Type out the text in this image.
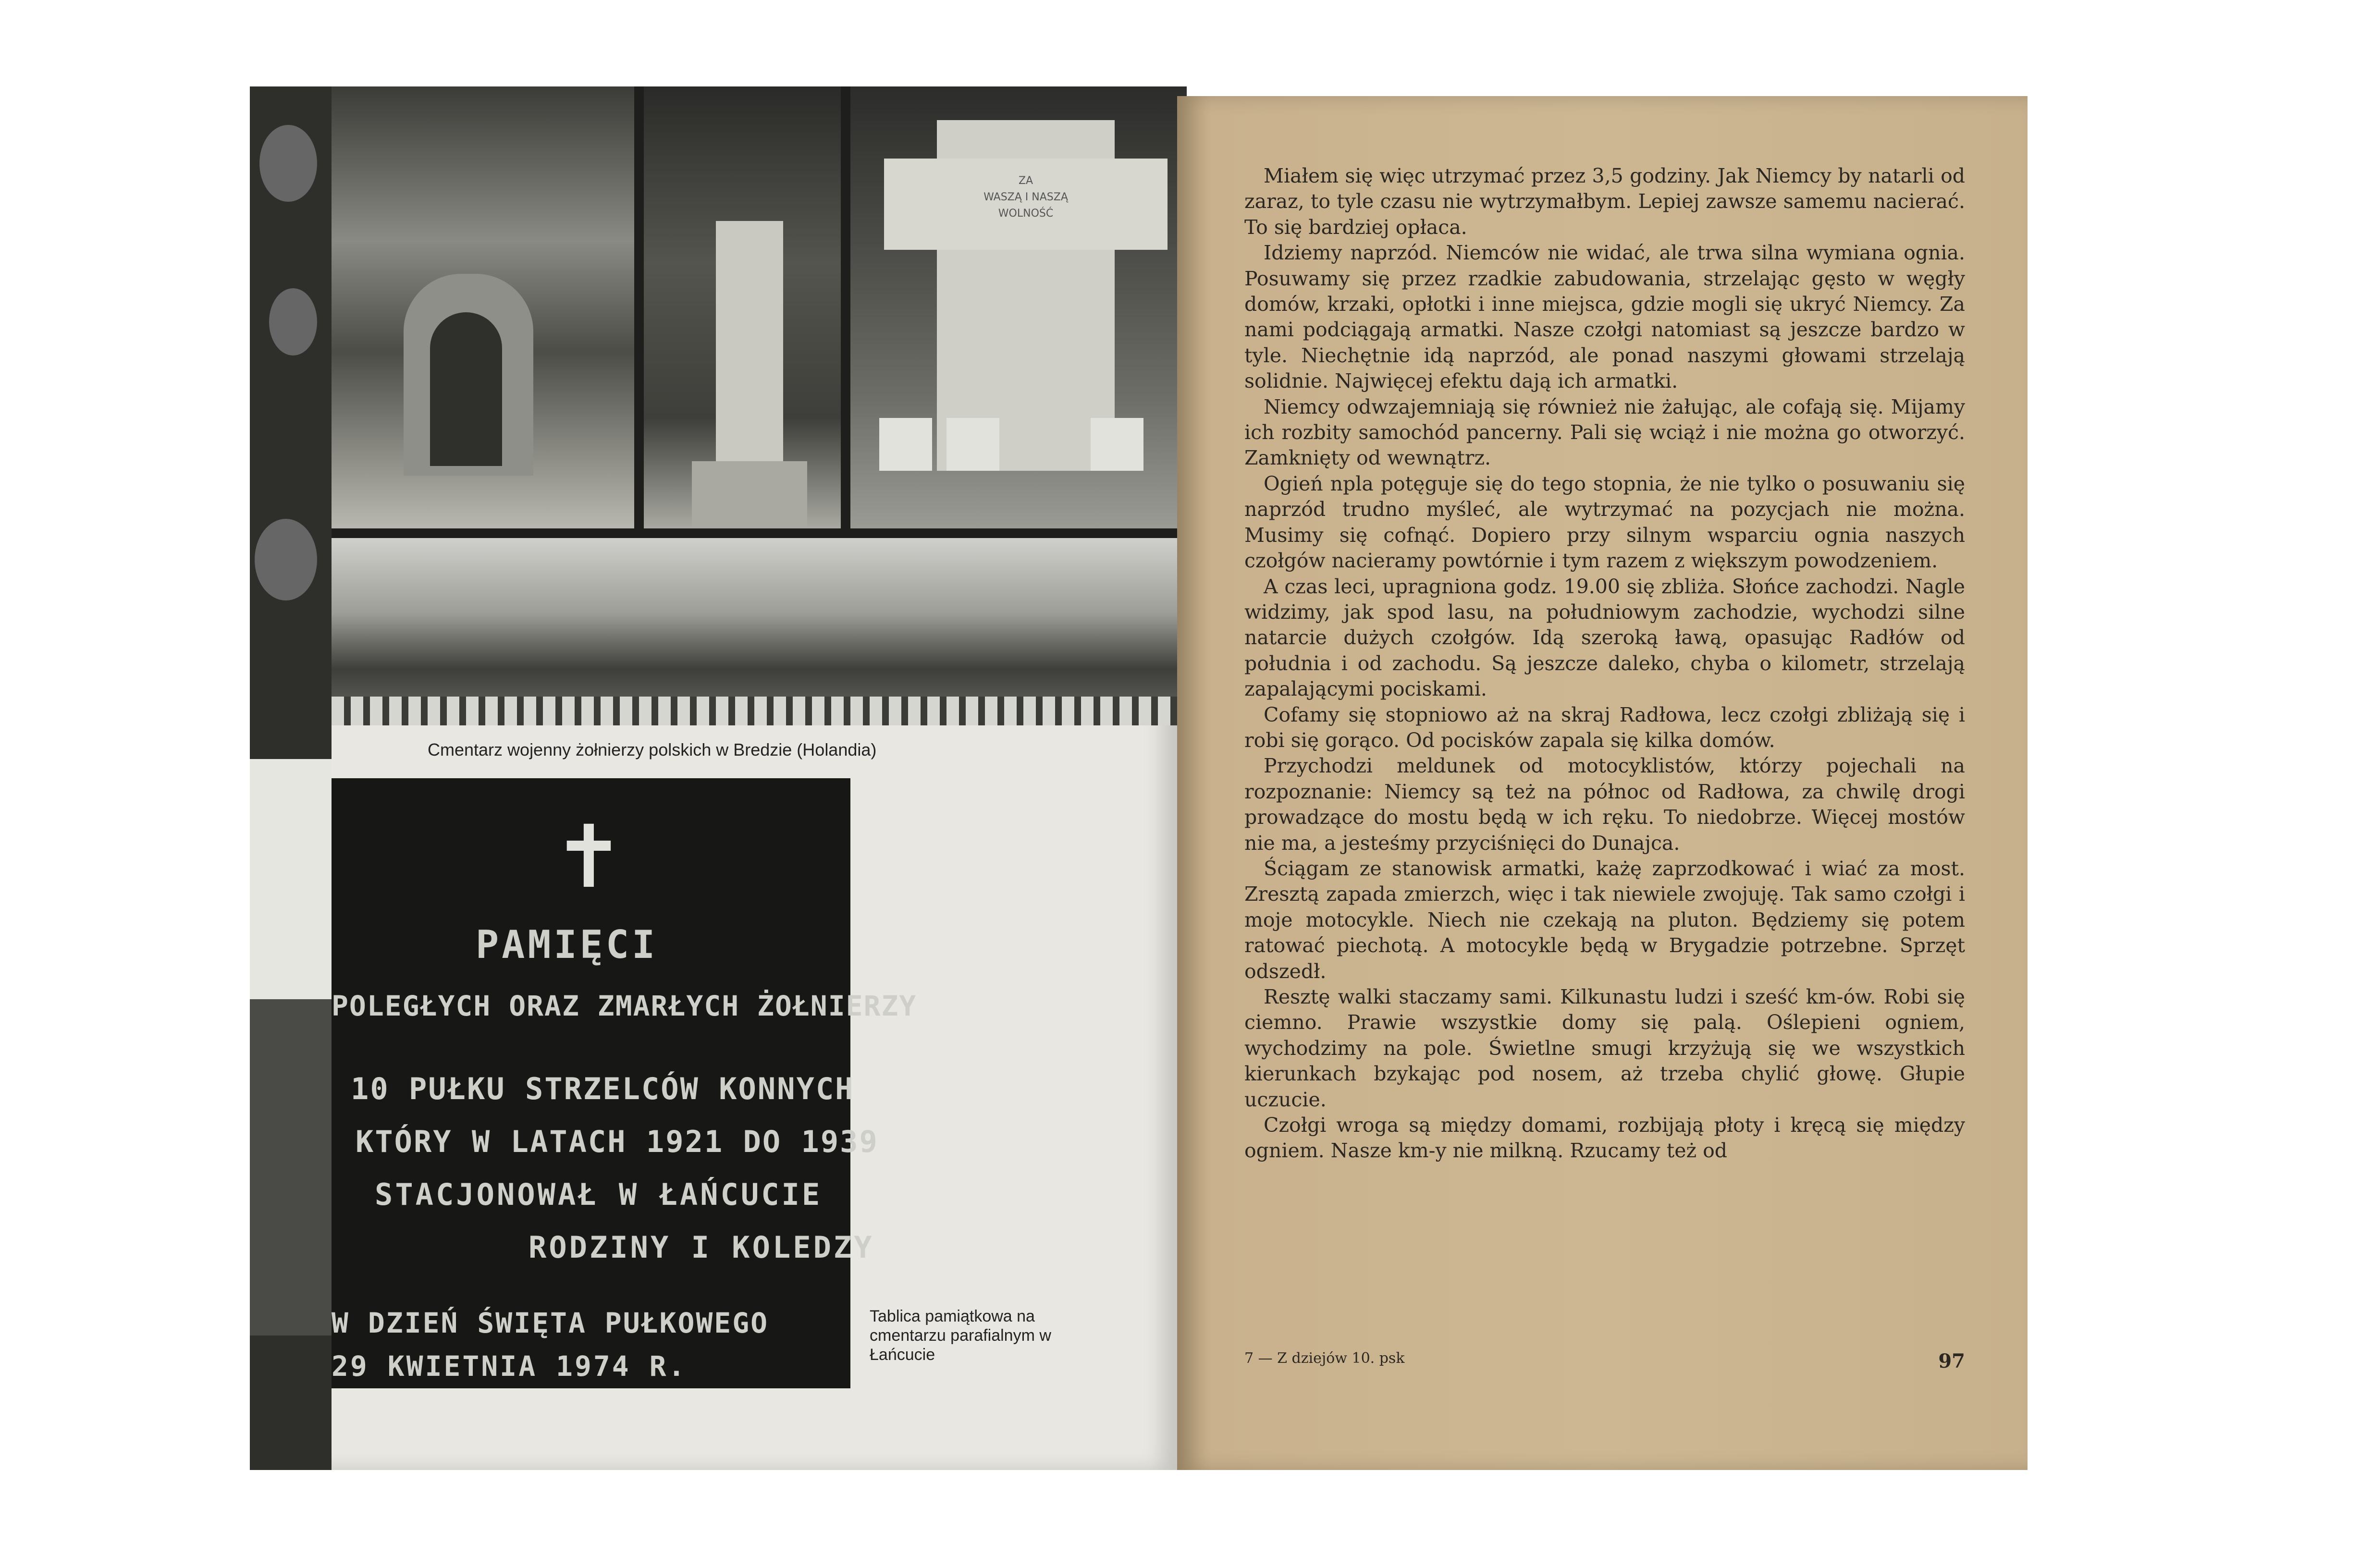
ZA
WASZĄ I NASZĄ
WOLNOŚĆ
Cmentarz wojenny żołnierzy polskich w Bredzie (Holandia)
✝
PAMIĘCI
POLEGŁYCH ORAZ ZMARŁYCH ŻOŁNIERZY
10 PUŁKU STRZELCÓW KONNYCH
KTÓRY W LATACH 1921 DO 1939
STACJONOWAŁ W ŁAŃCUCIE
RODZINY I KOLEDZY
W DZIEŃ ŚWIĘTA PUŁKOWEGO
29 KWIETNIA 1974 R.
Tablica pamiątkowa na cmentarzu parafialnym w Łańcucie

Miałem się więc utrzymać przez 3,5 godziny. Jak Niemcy by natarli od zaraz, to tyle czasu nie wytrzymałbym. Lepiej zawsze samemu nacierać. To się bardziej opłaca.

Idziemy naprzód. Niemców nie widać, ale trwa silna wymiana ognia. Posuwamy się przez rzadkie zabudowania, strzelając gęsto w węgły domów, krzaki, opłotki i inne miejsca, gdzie mogli się ukryć Niemcy. Za nami podciągają armatki. Nasze czołgi natomiast są jeszcze bardzo w tyle. Niechętnie idą naprzód, ale ponad naszymi głowami strzelają solidnie. Najwięcej efektu dają ich armatki.

Niemcy odwzajemniają się również nie żałując, ale cofają się. Mijamy ich rozbity samochód pancerny. Pali się wciąż i nie można go otworzyć. Zamknięty od wewnątrz.

Ogień npla potęguje się do tego stopnia, że nie tylko o posuwaniu się naprzód trudno myśleć, ale wytrzymać na pozycjach nie można. Musimy się cofnąć. Dopiero przy silnym wsparciu ognia naszych czołgów nacieramy powtórnie i tym razem z większym powodzeniem.

A czas leci, upragniona godz. 19.00 się zbliża. Słońce zachodzi. Nagle widzimy, jak spod lasu, na południowym zachodzie, wychodzi silne natarcie dużych czołgów. Idą szeroką ławą, opasując Radłów od południa i od zachodu. Są jeszcze daleko, chyba o kilometr, strzelają zapalającymi pociskami.

Cofamy się stopniowo aż na skraj Radłowa, lecz czołgi zbliżają się i robi się gorąco. Od pocisków zapala się kilka domów.

Przychodzi meldunek od motocyklistów, którzy pojechali na rozpoznanie: Niemcy są też na północ od Radłowa, za chwilę drogi prowadzące do mostu będą w ich ręku. To niedobrze. Więcej mostów nie ma, a jesteśmy przyciśnięci do Dunajca.

Ściągam ze stanowisk armatki, każę zaprzodkować i wiać za most. Zresztą zapada zmierzch, więc i tak niewiele zwojuję. Tak samo czołgi i moje motocykle. Niech nie czekają na pluton. Będziemy się potem ratować piechotą. A motocykle będą w Brygadzie potrzebne. Sprzęt odszedł.

Resztę walki staczamy sami. Kilkunastu ludzi i sześć km-ów. Robi się ciemno. Prawie wszystkie domy się palą. Oślepieni ogniem, wychodzimy na pole. Świetlne smugi krzyżują się we wszystkich kierunkach bzykając pod nosem, aż trzeba chylić głowę. Głupie uczucie.

Czołgi wroga są między domami, rozbijają płoty i kręcą się między ogniem. Nasze km-y nie milkną. Rzucamy też od

7 — Z dziejów 10. psk	97
